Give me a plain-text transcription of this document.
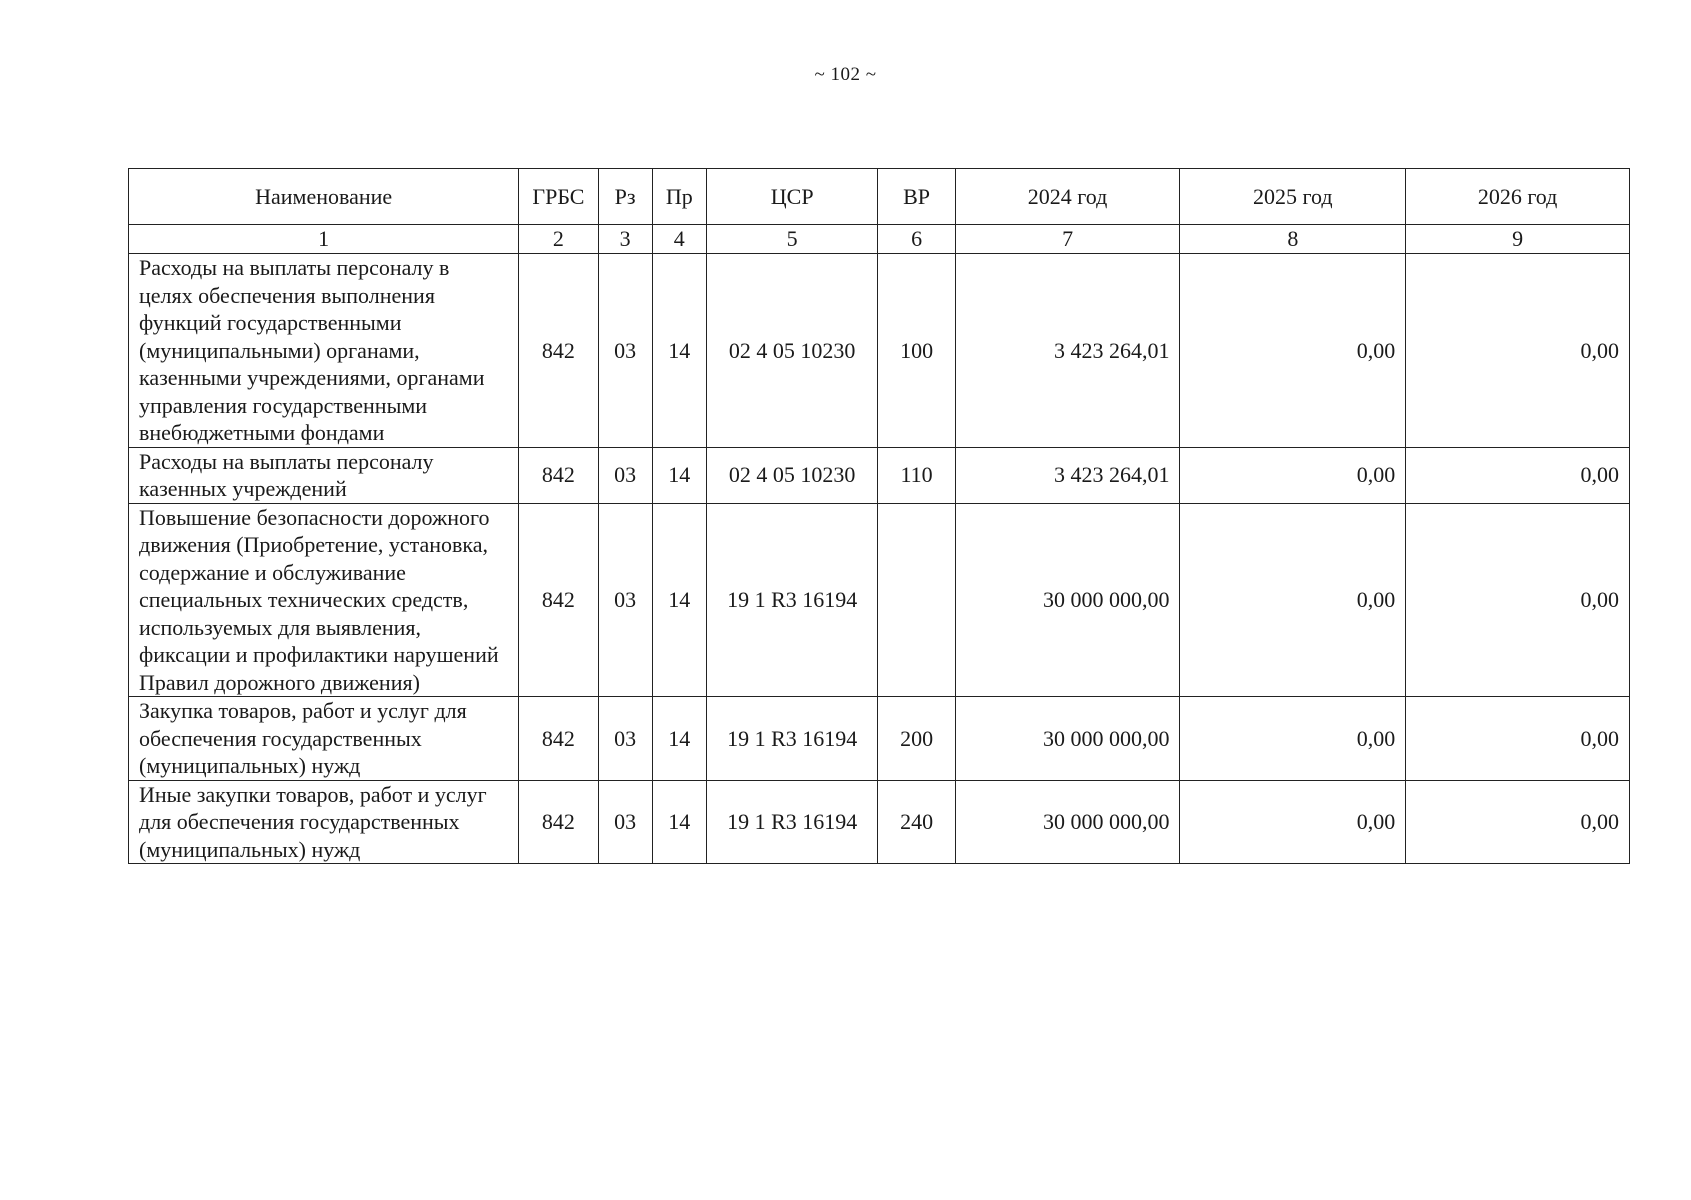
~ 102 ~
Наименование	ГРБС	Рз	Пр	ЦСР	ВР	2024 год	2025 год	2026 год
1	2	3	4	5	6	7	8	9
Расходы на выплаты персоналу в целях обеспечения выполнения функций государственными (муниципальными) органами, казенными учреждениями, органами управления государственными внебюджетными фондами	842	03	14	02 4 05 10230	100	3 423 264,01	0,00	0,00
Расходы на выплаты персоналу казенных учреждений	842	03	14	02 4 05 10230	110	3 423 264,01	0,00	0,00
Повышение безопасности дорожного движения (Приобретение, установка, содержание и обслуживание специальных технических средств, используемых для выявления, фиксации и профилактики нарушений Правил дорожного движения)	842	03	14	19 1 R3 16194		30 000 000,00	0,00	0,00
Закупка товаров, работ и услуг для обеспечения государственных (муниципальных) нужд	842	03	14	19 1 R3 16194	200	30 000 000,00	0,00	0,00
Иные закупки товаров, работ и услуг для обеспечения государственных (муниципальных) нужд	842	03	14	19 1 R3 16194	240	30 000 000,00	0,00	0,00
